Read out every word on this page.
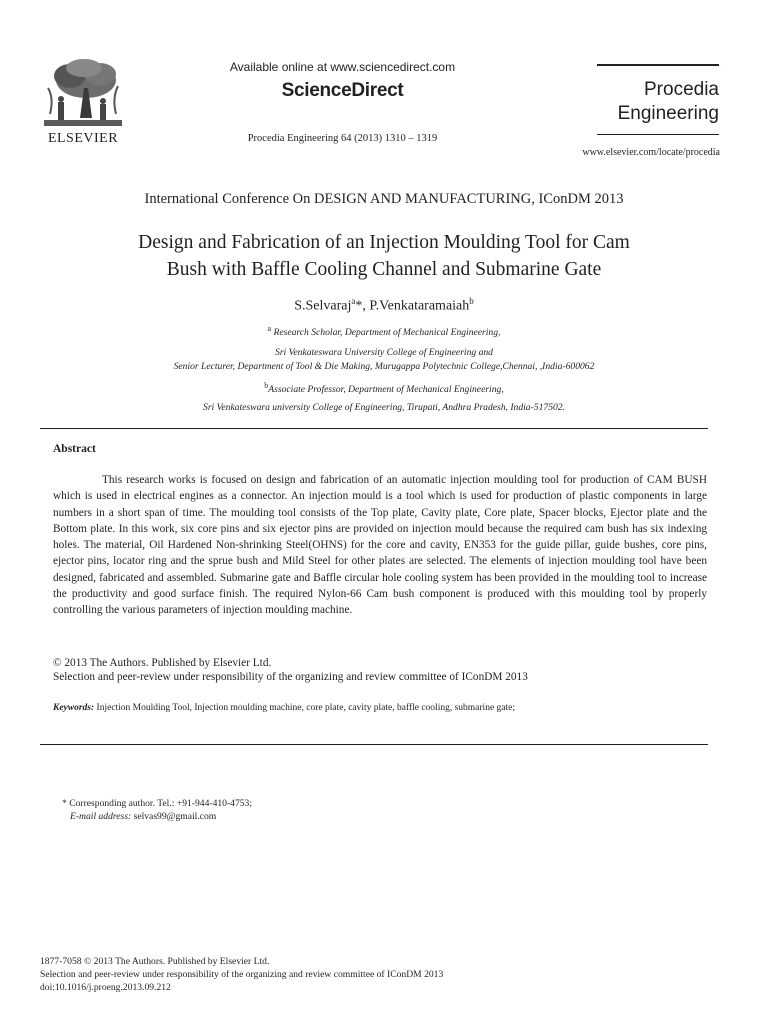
ELSEVIER
Available online at www.sciencedirect.com
ScienceDirect
Procedia Engineering 64 (2013) 1310 – 1319
Procedia
Engineering
www.elsevier.com/locate/procedia
International Conference On DESIGN AND MANUFACTURING, IConDM 2013
Design and Fabrication of an Injection Moulding Tool for Cam
Bush with Baffle Cooling Channel and Submarine Gate
S.Selvaraj$^a$*, P.Venkataramaiah$^b$
$^a$ Research Scholar, Department of Mechanical Engineering,
Sri Venkateswara University College of Engineering and
Senior Lecturer, Department of Tool & Die Making, Murugappa Polytechnic College,Chennai, ,India-600062
$^b$Associate Professor, Department of Mechanical Engineering,
Sri Venkateswara university College of Engineering, Tirupati, Andhra Pradesh, India-517502.
Abstract
This research works is focused on design and fabrication of an automatic injection moulding tool for production of CAM BUSH which is used in electrical engines as a connector. An injection mould is a tool which is used for production of plastic components in large numbers in a short span of time. The moulding tool consists of the Top plate, Cavity plate, Core plate, Spacer blocks, Ejector plate and the Bottom plate. In this work, six core pins and six ejector pins are provided on injection mould because the required cam bush has six indexing holes. The material, Oil Hardened Non-shrinking Steel(OHNS) for the core and cavity, EN353 for the guide pillar, guide bushes, core pins, ejector pins, locator ring and the sprue bush and Mild Steel for other plates are selected. The elements of injection moulding tool have been designed, fabricated and assembled. Submarine gate and Baffle circular hole cooling system has been provided in the moulding tool to increase the productivity and good surface finish. The required Nylon-66 Cam bush component is produced with this moulding tool by properly controlling the various parameters of injection moulding machine.
© 2013 The Authors. Published by Elsevier Ltd.
Selection and peer-review under responsibility of the organizing and review committee of IConDM 2013
Keywords: Injection Moulding Tool, Injection moulding machine, core plate, cavity plate, baffle cooling, submarine gate;
* Corresponding author. Tel.: +91-944-410-4753;
E-mail address: selvas99@gmail.com
1877-7058 © 2013 The Authors. Published by Elsevier Ltd.
Selection and peer-review under responsibility of the organizing and review committee of IConDM 2013
doi:10.1016/j.proeng.2013.09.212
